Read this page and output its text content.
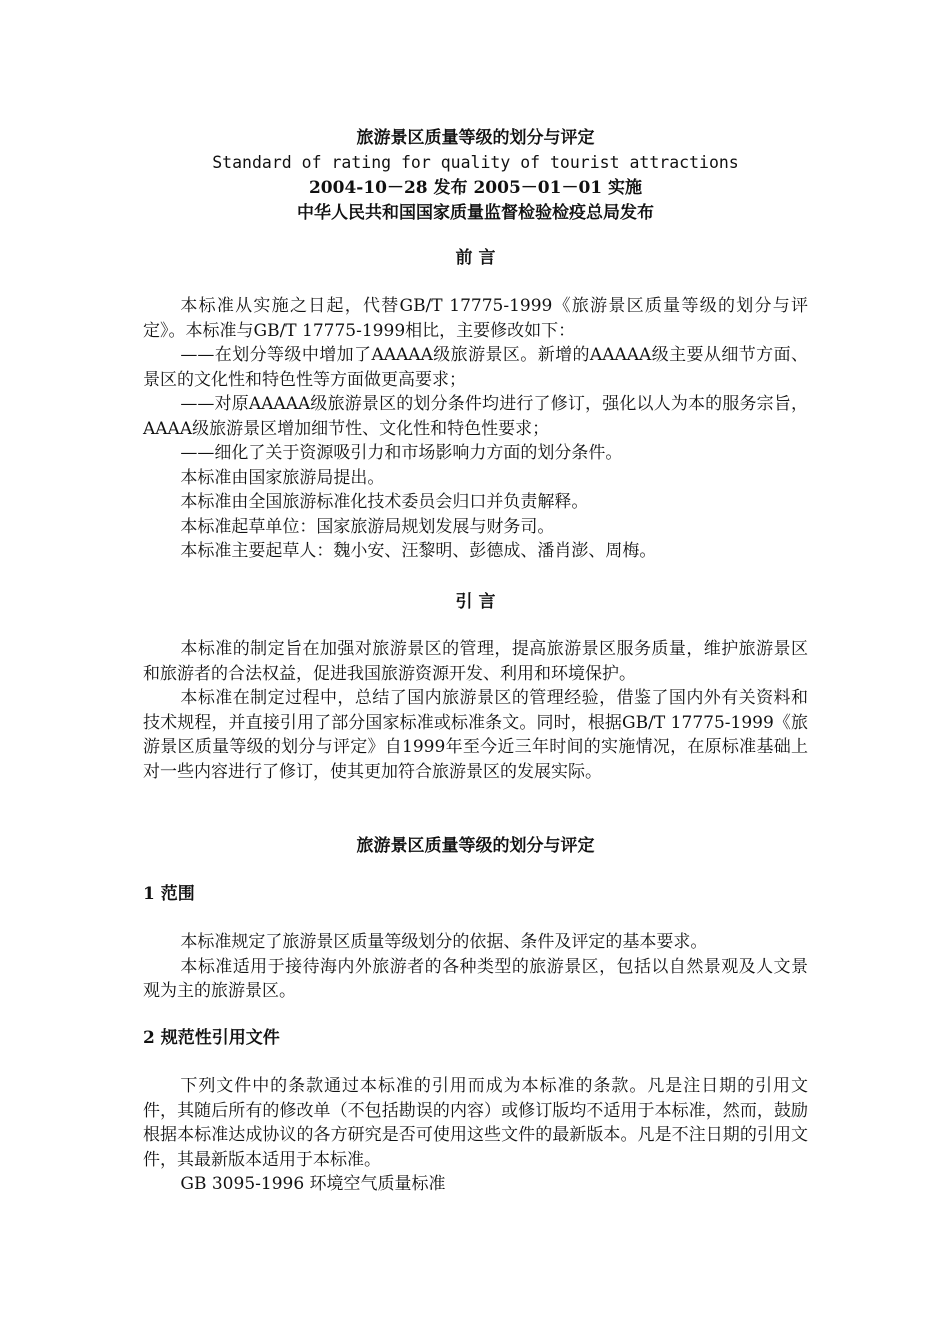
旅游景区质量等级的划分与评定
Standard of rating for quality of tourist attractions
2004-10－28 发布 2005－01－01 实施
中华人民共和国国家质量监督检验检疫总局发布
前 言

本标准从实施之日起，代替GB/T 17775-1999《旅游景区质量等级的划分与评定》。本标准与GB/T 17775-1999相比，主要修改如下：

——在划分等级中增加了AAAAA级旅游景区。新增的AAAAA级主要从细节方面、景区的文化性和特色性等方面做更高要求；

——对原AAAAA级旅游景区的划分条件均进行了修订，强化以人为本的服务宗旨，AAAA级旅游景区增加细节性、文化性和特色性要求；

——细化了关于资源吸引力和市场影响力方面的划分条件。

本标准由国家旅游局提出。

本标准由全国旅游标准化技术委员会归口并负责解释。

本标准起草单位：国家旅游局规划发展与财务司。

本标准主要起草人：魏小安、汪黎明、彭德成、潘肖澎、周梅。

引 言

本标准的制定旨在加强对旅游景区的管理，提高旅游景区服务质量，维护旅游景区和旅游者的合法权益，促进我国旅游资源开发、利用和环境保护。

本标准在制定过程中，总结了国内旅游景区的管理经验，借鉴了国内外有关资料和技术规程，并直接引用了部分国家标准或标准条文。同时，根据GB/T 17775-1999《旅游景区质量等级的划分与评定》自1999年至今近三年时间的实施情况，在原标准基础上对一些内容进行了修订，使其更加符合旅游景区的发展实际。

旅游景区质量等级的划分与评定

1 范围

本标准规定了旅游景区质量等级划分的依据、条件及评定的基本要求。

本标准适用于接待海内外旅游者的各种类型的旅游景区，包括以自然景观及人文景观为主的旅游景区。

2 规范性引用文件

下列文件中的条款通过本标准的引用而成为本标准的条款。凡是注日期的引用文件，其随后所有的修改单（不包括勘误的内容）或修订版均不适用于本标准，然而，鼓励根据本标准达成协议的各方研究是否可使用这些文件的最新版本。凡是不注日期的引用文件，其最新版本适用于本标准。

GB 3095-1996 环境空气质量标准
